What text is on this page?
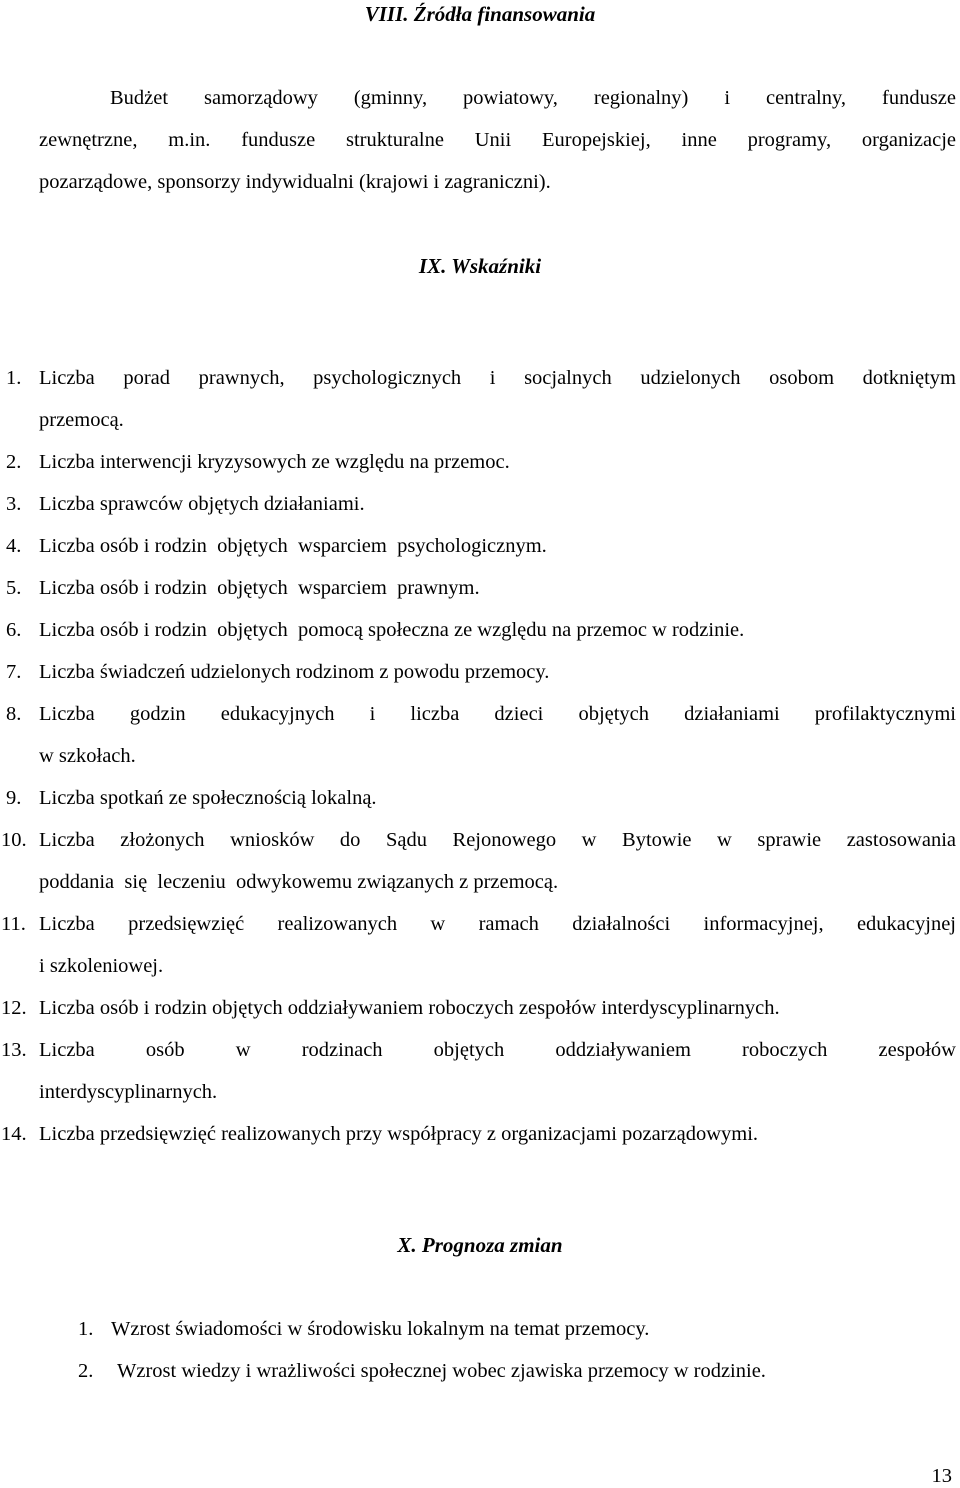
VIII. Źródła finansowania
Budżet samorządowy (gminny, powiatowy, regionalny) i centralny, fundusze
zewnętrzne, m.in. fundusze strukturalne Unii Europejskiej, inne programy, organizacje
pozarządowe, sponsorzy indywidualni (krajowi i zagraniczni).
IX. Wskaźniki
1. Liczba porad prawnych, psychologicznych i socjalnych udzielonych osobom dotkniętym
przemocą.
2. Liczba interwencji kryzysowych ze względu na przemoc.
3. Liczba sprawców objętych działaniami.
4. Liczba osób i rodzin  objętych  wsparciem  psychologicznym.
5. Liczba osób i rodzin  objętych  wsparciem  prawnym.
6. Liczba osób i rodzin  objętych  pomocą społeczna ze względu na przemoc w rodzinie.
7. Liczba świadczeń udzielonych rodzinom z powodu przemocy.
8. Liczba godzin edukacyjnych i liczba dzieci objętych działaniami profilaktycznymi
w szkołach.
9. Liczba spotkań ze społecznością lokalną.
10. Liczba złożonych wniosków do Sądu Rejonowego w Bytowie w sprawie zastosowania
poddania  się  leczeniu  odwykowemu związanych z przemocą.
11. Liczba przedsięwzięć realizowanych w ramach działalności informacyjnej, edukacyjnej
i szkoleniowej.
12. Liczba osób i rodzin objętych oddziaływaniem roboczych zespołów interdyscyplinarnych.
13. Liczba osób w rodzinach objętych oddziaływaniem roboczych zespołów
interdyscyplinarnych.
14. Liczba przedsięwzięć realizowanych przy współpracy z organizacjami pozarządowymi.
X. Prognoza zmian
1. Wzrost świadomości w środowisku lokalnym na temat przemocy.
2. Wzrost wiedzy i wrażliwości społecznej wobec zjawiska przemocy w rodzinie.
13
